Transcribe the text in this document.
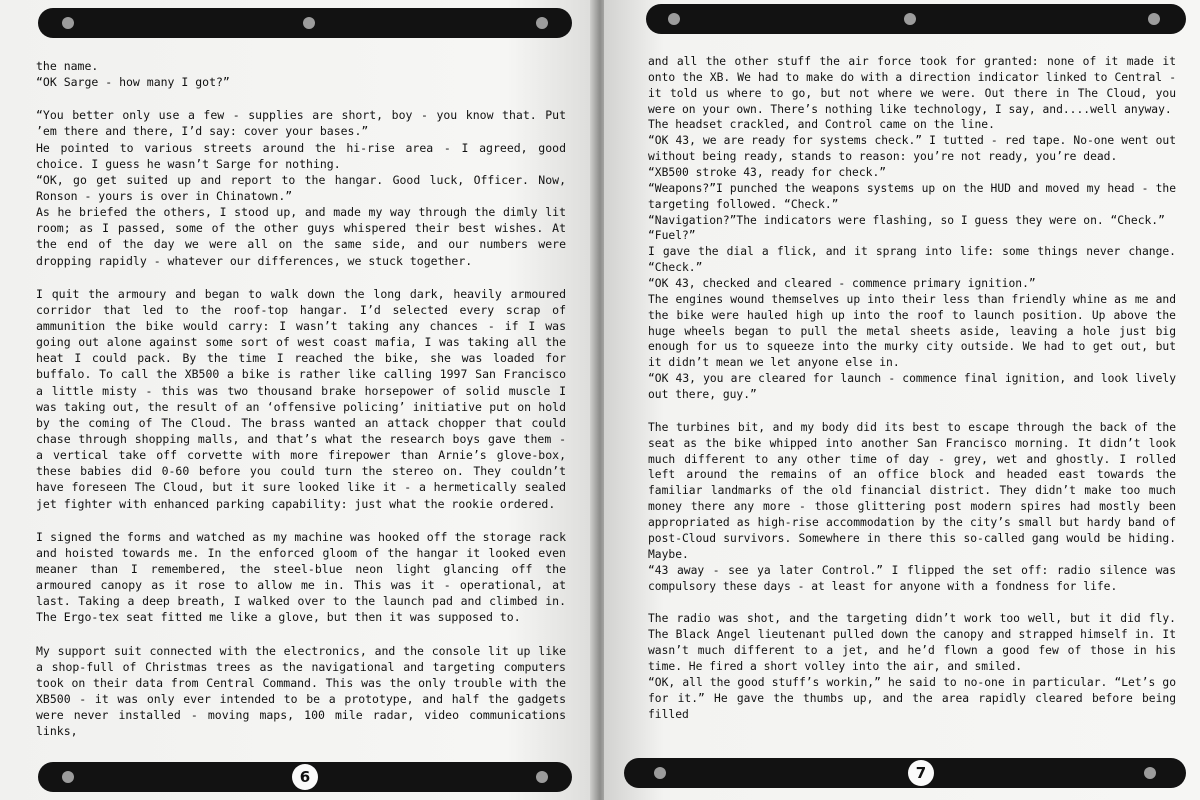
the name.
“OK Sarge - how many I got?”

“You better only use a few - supplies are short, boy - you know that. Put ’em there and there, I’d say: cover your bases.”
He pointed to various streets around the hi-rise area - I agreed, good choice. I guess he wasn’t Sarge for nothing.
“OK, go get suited up and report to the hangar. Good luck, Officer. Now, Ronson - yours is over in Chinatown.”
As he briefed the others, I stood up, and made my way through the dimly lit room; as I passed, some of the other guys whispered their best wishes. At the end of the day we were all on the same side, and our numbers were dropping rapidly - whatever our differences, we stuck together.

I quit the armoury and began to walk down the long dark, heavily armoured corridor that led to the roof-top hangar. I’d selected every scrap of ammunition the bike would carry: I wasn’t taking any chances - if I was going out alone against some sort of west coast mafia, I was taking all the heat I could pack. By the time I reached the bike, she was loaded for buffalo. To call the XB500 a bike is rather like calling 1997 San Francisco a little misty - this was two thousand brake horsepower of solid muscle I was taking out, the result of an ‘offensive policing’ initiative put on hold by the coming of The Cloud. The brass wanted an attack chopper that could chase through shopping malls, and that’s what the research boys gave them - a vertical take off corvette with more firepower than Arnie’s glove-box, these babies did 0-60 before you could turn the stereo on. They couldn’t have foreseen The Cloud, but it sure looked like it - a hermetically sealed jet fighter with enhanced parking capability: just what the rookie ordered.

I signed the forms and watched as my machine was hooked off the storage rack and hoisted towards me. In the enforced gloom of the hangar it looked even meaner than I remembered, the steel-blue neon light glancing off the armoured canopy as it rose to allow me in. This was it - operational, at last. Taking a deep breath, I walked over to the launch pad and climbed in. The Ergo-tex seat fitted me like a glove, but then it was supposed to.

My support suit connected with the electronics, and the console lit up like a shop-full of Christmas trees as the navigational and targeting computers took on their data from Central Command. This was the only trouble with the XB500 - it was only ever intended to be a prototype, and half the gadgets were never installed - moving maps, 100 mile radar, video communications links,

6

and all the other stuff the air force took for granted: none of it made it onto the XB. We had to make do with a direction indicator linked to Central - it told us where to go, but not where we were. Out there in The Cloud, you were on your own. There’s nothing like technology, I say, and....well anyway.
The headset crackled, and Control came on the line.
“OK 43, we are ready for systems check.” I tutted - red tape. No-one went out without being ready, stands to reason: you’re not ready, you’re dead.
“XB500 stroke 43, ready for check.”
“Weapons?”I punched the weapons systems up on the HUD and moved my head - the targeting followed. “Check.”
“Navigation?”The indicators were flashing, so I guess they were on. “Check.”
“Fuel?”
I gave the dial a flick, and it sprang into life: some things never change. “Check.”
“OK 43, checked and cleared - commence primary ignition.”
The engines wound themselves up into their less than friendly whine as me and the bike were hauled high up into the roof to launch position. Up above the huge wheels began to pull the metal sheets aside, leaving a hole just big enough for us to squeeze into the murky city outside. We had to get out, but it didn’t mean we let anyone else in.
“OK 43, you are cleared for launch - commence final ignition, and look lively out there, guy.”

The turbines bit, and my body did its best to escape through the back of the seat as the bike whipped into another San Francisco morning. It didn’t look much different to any other time of day - grey, wet and ghostly. I rolled left around the remains of an office block and headed east towards the familiar landmarks of the old financial district. They didn’t make too much money there any more - those glittering post modern spires had mostly been appropriated as high-rise accommodation by the city’s small but hardy band of post-Cloud survivors. Somewhere in there this so-called gang would be hiding. Maybe.
“43 away - see ya later Control.” I flipped the set off: radio silence was compulsory these days - at least for anyone with a fondness for life.

The radio was shot, and the targeting didn’t work too well, but it did fly. The Black Angel lieutenant pulled down the canopy and strapped himself in. It wasn’t much different to a jet, and he’d flown a good few of those in his time. He fired a short volley into the air, and smiled.
“OK, all the good stuff’s workin,” he said to no-one in particular. “Let’s go for it.” He gave the thumbs up, and the area rapidly cleared before being filled

7
